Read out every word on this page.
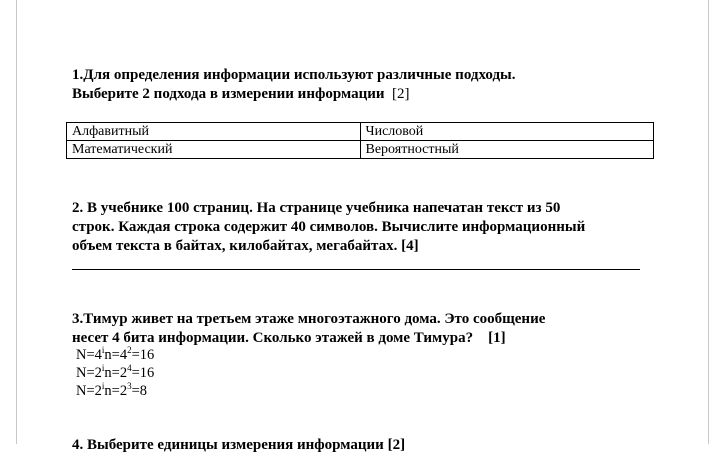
1.Для определения информации используют различные подходы.
Выберите 2 подхода в измерении информации [2]

Алфавитный	Числовой
Математический	Вероятностный

2. В учебнике 100 страниц. На странице учебника напечатан текст из 50
строк. Каждая строка содержит 40 символов. Вычислите информационный
объем текста в байтах, килобайтах, мегабайтах. [4]

3.Тимур живет на третьем этаже многоэтажного дома. Это сообщение
несет 4 бита информации. Сколько этажей в доме Тимура? [1]

$N=4^in=4^2=16$

$N=2^in=2^4=16$

$N=2^in=2^3=8$

4. Выберите единицы измерения информации [2]
